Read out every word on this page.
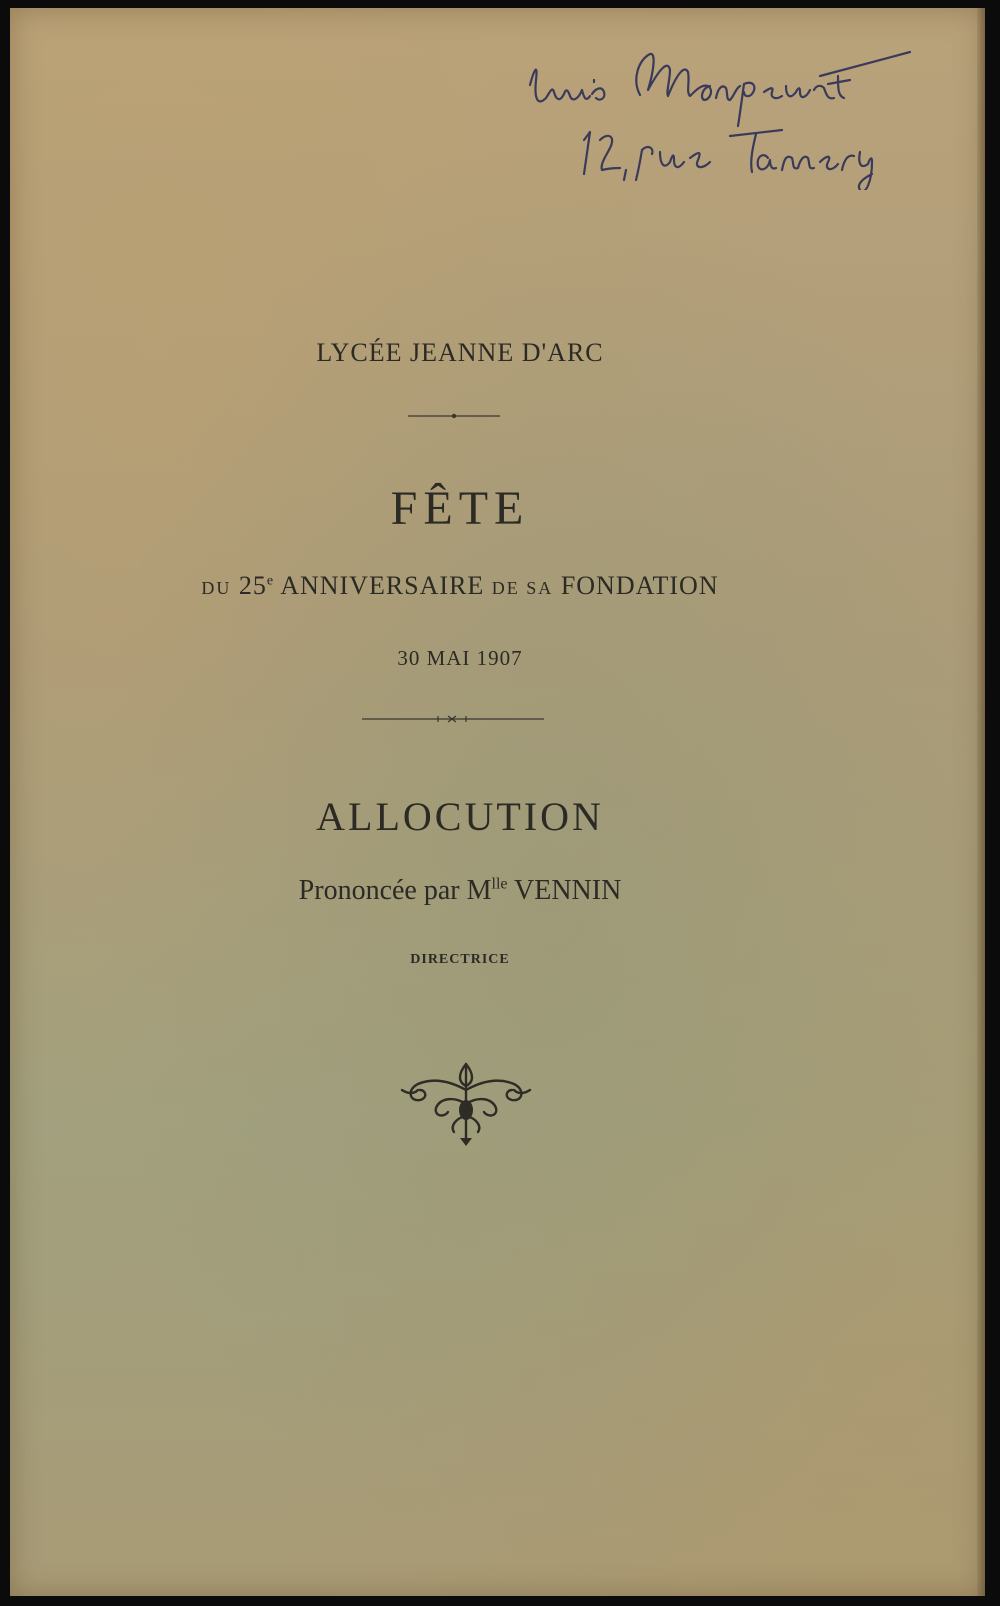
LYCÉE JEANNE D'ARC

FÊTE

DU 25e ANNIVERSAIRE DE SA FONDATION

30 MAI 1907

ALLOCUTION

Prononcée par $M^{lle}$ VENNIN

DIRECTRICE
